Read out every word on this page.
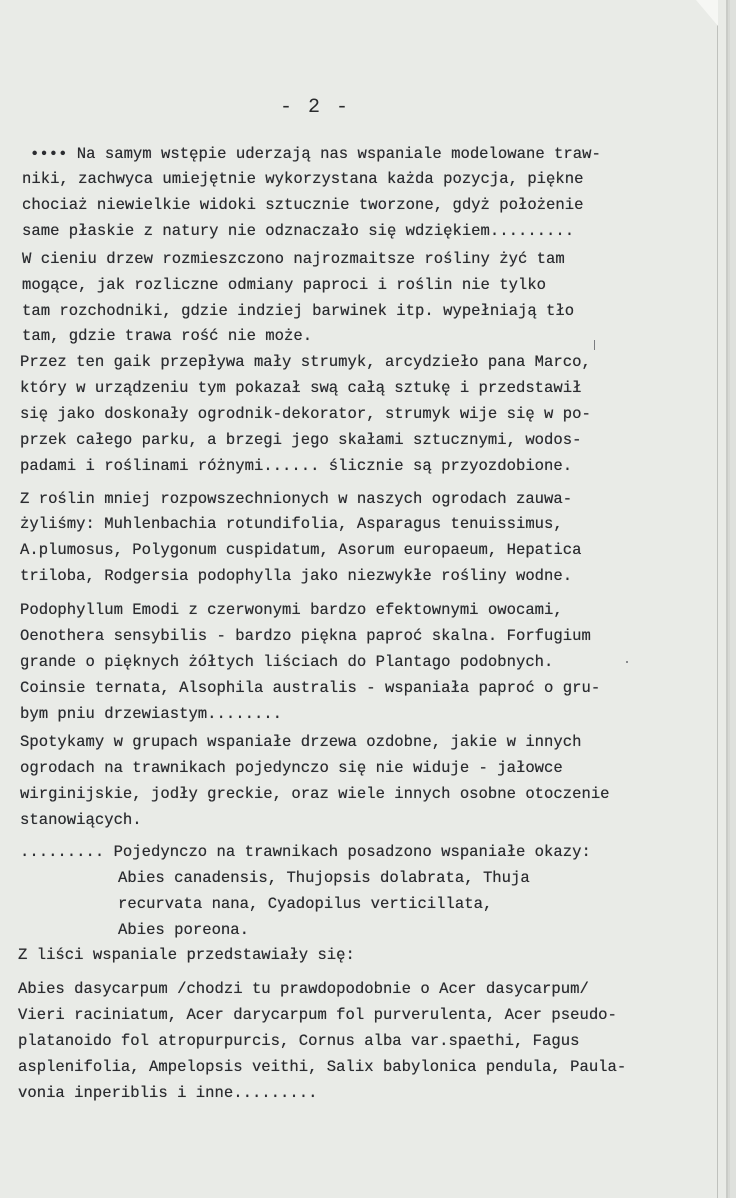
- 2 -

•••• Na samym wstępie uderzają nas wspaniale modelowane traw-

niki, zachwyca umiejętnie wykorzystana każda pozycja, piękne

chociaż niewielkie widoki sztucznie tworzone, gdyż położenie

same płaskie z natury nie odznaczało się wdziękiem.........

W cieniu drzew rozmieszczono najrozmaitsze rośliny żyć tam

mogące, jak rozliczne odmiany paproci i roślin nie tylko

tam rozchodniki, gdzie indziej barwinek itp. wypełniają tło

tam, gdzie trawa rość nie może.

Przez ten gaik przepływa mały strumyk, arcydzieło pana Marco,

który w urządzeniu tym pokazał swą całą sztukę i przedstawił

się jako doskonały ogrodnik-dekorator, strumyk wije się w po-

przek całego parku, a brzegi jego skałami sztucznymi, wodos-

padami i roślinami różnymi...... ślicznie są przyozdobione.

Z roślin mniej rozpowszechnionych w naszych ogrodach zauwa-

żyliśmy: Muhlenbachia rotundifolia, Asparagus tenuissimus,

A.plumosus, Polygonum cuspidatum, Asorum europaeum, Hepatica

triloba, Rodgersia podophylla jako niezwykłe rośliny wodne.

Podophyllum Emodi z czerwonymi bardzo efektownymi owocami,

Oenothera sensybilis - bardzo piękna paproć skalna. Forfugium

grande o pięknych żółtych liściach do Plantago podobnych.

Coinsie ternata, Alsophila australis - wspaniała paproć o gru-

bym pniu drzewiastym........

Spotykamy w grupach wspaniałe drzewa ozdobne, jakie w innych

ogrodach na trawnikach pojedynczo się nie widuje - jałowce

wirginijskie, jodły greckie, oraz wiele innych osobne otoczenie

stanowiących.

......... Pojedynczo na trawnikach posadzono wspaniałe okazy:

Abies canadensis, Thujopsis dolabrata, Thuja

recurvata nana, Cyadopilus verticillata,

Abies poreona.

Z liści wspaniale przedstawiały się:

Abies dasycarpum /chodzi tu prawdopodobnie o Acer dasycarpum/

Vieri raciniatum, Acer darycarpum fol purverulenta, Acer pseudo-

platanoido fol atropurpurcis, Cornus alba var.spaethi, Fagus

asplenifolia, Ampelopsis veithi, Salix babylonica pendula, Paula-

vonia inperiblis i inne.........
